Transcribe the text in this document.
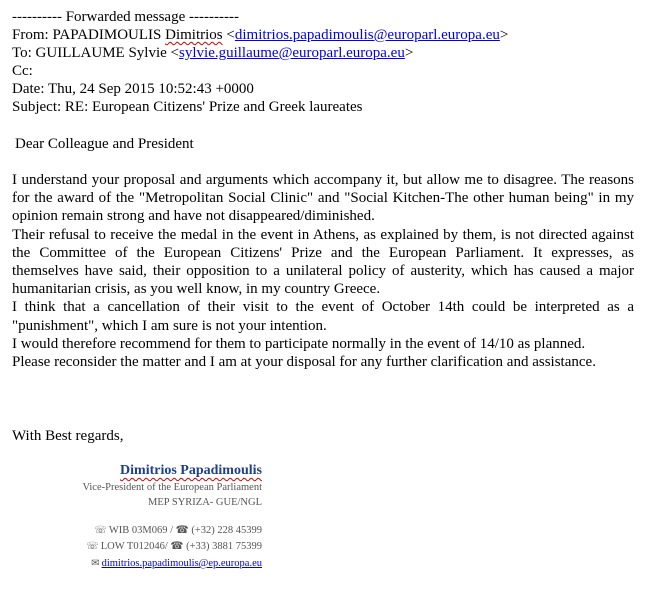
---------- Forwarded message ----------
From: PAPADIMOULIS Dimitrios <dimitrios.papadimoulis@europarl.europa.eu>
To: GUILLAUME Sylvie <sylvie.guillaume@europarl.europa.eu>
Cc:
Date: Thu, 24 Sep 2015 10:52:43 +0000
Subject: RE: European Citizens' Prize and Greek laureates
Dear Colleague and President

I understand your proposal and arguments which accompany it, but allow me to disagree. The reasons for the award of the "Metropolitan Social Clinic" and "Social Kitchen-The other human being" in my opinion remain strong and have not disappeared/diminished.

Their refusal to receive the medal in the event in Athens, as explained by them, is not directed against the Committee of the European Citizens' Prize and the European Parliament. It expresses, as themselves have said, their opposition to a unilateral policy of austerity, which has caused a major humanitarian crisis, as you well know, in my country Greece.

I think that a cancellation of their visit to the event of October 14th could be interpreted as a "punishment", which I am sure is not your intention.

I would therefore recommend for them to participate normally in the event of 14/10 as planned.

Please reconsider the matter and I am at your disposal for any further clarification and assistance.

With Best regards,
Dimitrios Papadimoulis
Vice-President of the European Parliament
MEP SYRIZA- GUE/NGL
☏ WIB 03M069 / ☎ (+32) 228 45399
☏ LOW T012046/ ☎ (+33) 3881 75399
✉ dimitrios.papadimoulis@ep.europa.eu
